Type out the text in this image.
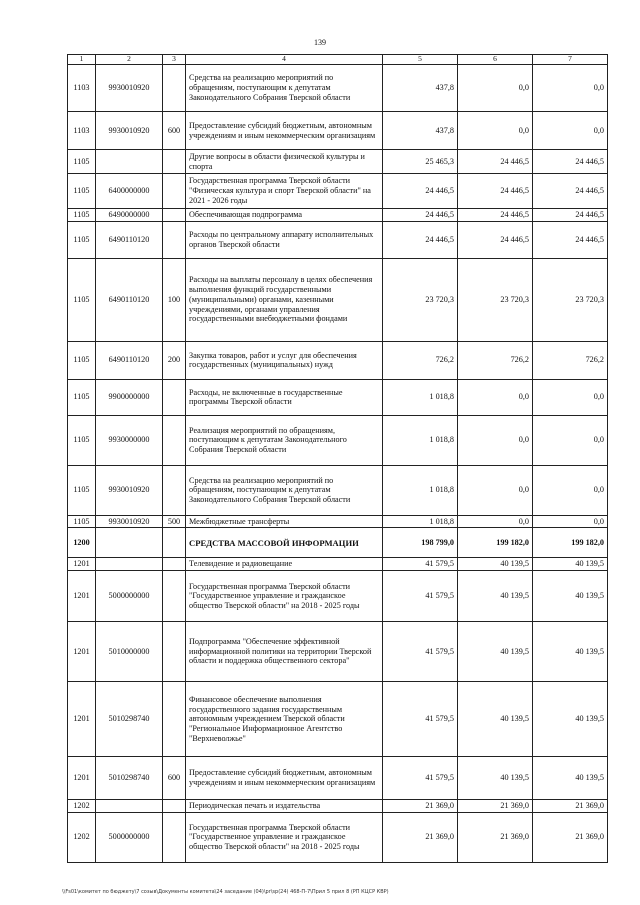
139
1	2	3	4	5	6	7
1103	9930010920		Средства на реализацию мероприятий по обращениям, поступающим к депутатам Законодательного Собрания Тверской области	437,8	0,0	0,0
1103	9930010920	600	Предоставление субсидий бюджетным, автономным учреждениям и иным некоммерческим организациям	437,8	0,0	0,0
1105			Другие вопросы в области физической культуры и спорта	25 465,3	24 446,5	24 446,5
1105	6400000000		Государственная программа Тверской области "Физическая культура и спорт Тверской области" на 2021 - 2026 годы	24 446,5	24 446,5	24 446,5
1105	6490000000		Обеспечивающая подпрограмма	24 446,5	24 446,5	24 446,5
1105	6490110120		Расходы по центральному аппарату исполнительных органов Тверской области	24 446,5	24 446,5	24 446,5
1105	6490110120	100	Расходы на выплаты персоналу в целях обеспечения выполнения функций государственными (муниципальными) органами, казенными учреждениями, органами управления государственными внебюджетными фондами	23 720,3	23 720,3	23 720,3
1105	6490110120	200	Закупка товаров, работ и услуг для обеспечения государственных (муниципальных) нужд	726,2	726,2	726,2
1105	9900000000		Расходы, не включенные в государственные программы Тверской области	1 018,8	0,0	0,0
1105	9930000000		Реализация мероприятий по обращениям, поступающим к депутатам Законодательного Собрания Тверской области	1 018,8	0,0	0,0
1105	9930010920		Средства на реализацию мероприятий по обращениям, поступающим к депутатам Законодательного Собрания Тверской области	1 018,8	0,0	0,0
1105	9930010920	500	Межбюджетные трансферты	1 018,8	0,0	0,0
1200			СРЕДСТВА МАССОВОЙ ИНФОРМАЦИИ	198 799,0	199 182,0	199 182,0
1201			Телевидение и радиовещание	41 579,5	40 139,5	40 139,5
1201	5000000000		Государственная программа Тверской области "Государственное управление и гражданское общество Тверской области" на 2018 - 2025 годы	41 579,5	40 139,5	40 139,5
1201	5010000000		Подпрограмма "Обеспечение эффективной информационной политики на территории Тверской области и поддержка общественного сектора"	41 579,5	40 139,5	40 139,5
1201	5010298740		Финансовое обеспечение выполнения государственного задания государственным автономным учреждением Тверской области "Региональное Информационное Агентство "Верхневолжье"	41 579,5	40 139,5	40 139,5
1201	5010298740	600	Предоставление субсидий бюджетным, автономным учреждениям и иным некоммерческим организациям	41 579,5	40 139,5	40 139,5
1202			Периодическая печать и издательства	21 369,0	21 369,0	21 369,0
1202	5000000000		Государственная программа Тверской области "Государственное управление и гражданское общество Тверской области" на 2018 - 2025 годы	21 369,0	21 369,0	21 369,0
\\Fs01\комитет по бюджету\7 созыв\Документы комитета\24 заседание (04)\pr\sp(24) 468-П-7\Прил 5 прил 8 (РП КЦСР КВР)
